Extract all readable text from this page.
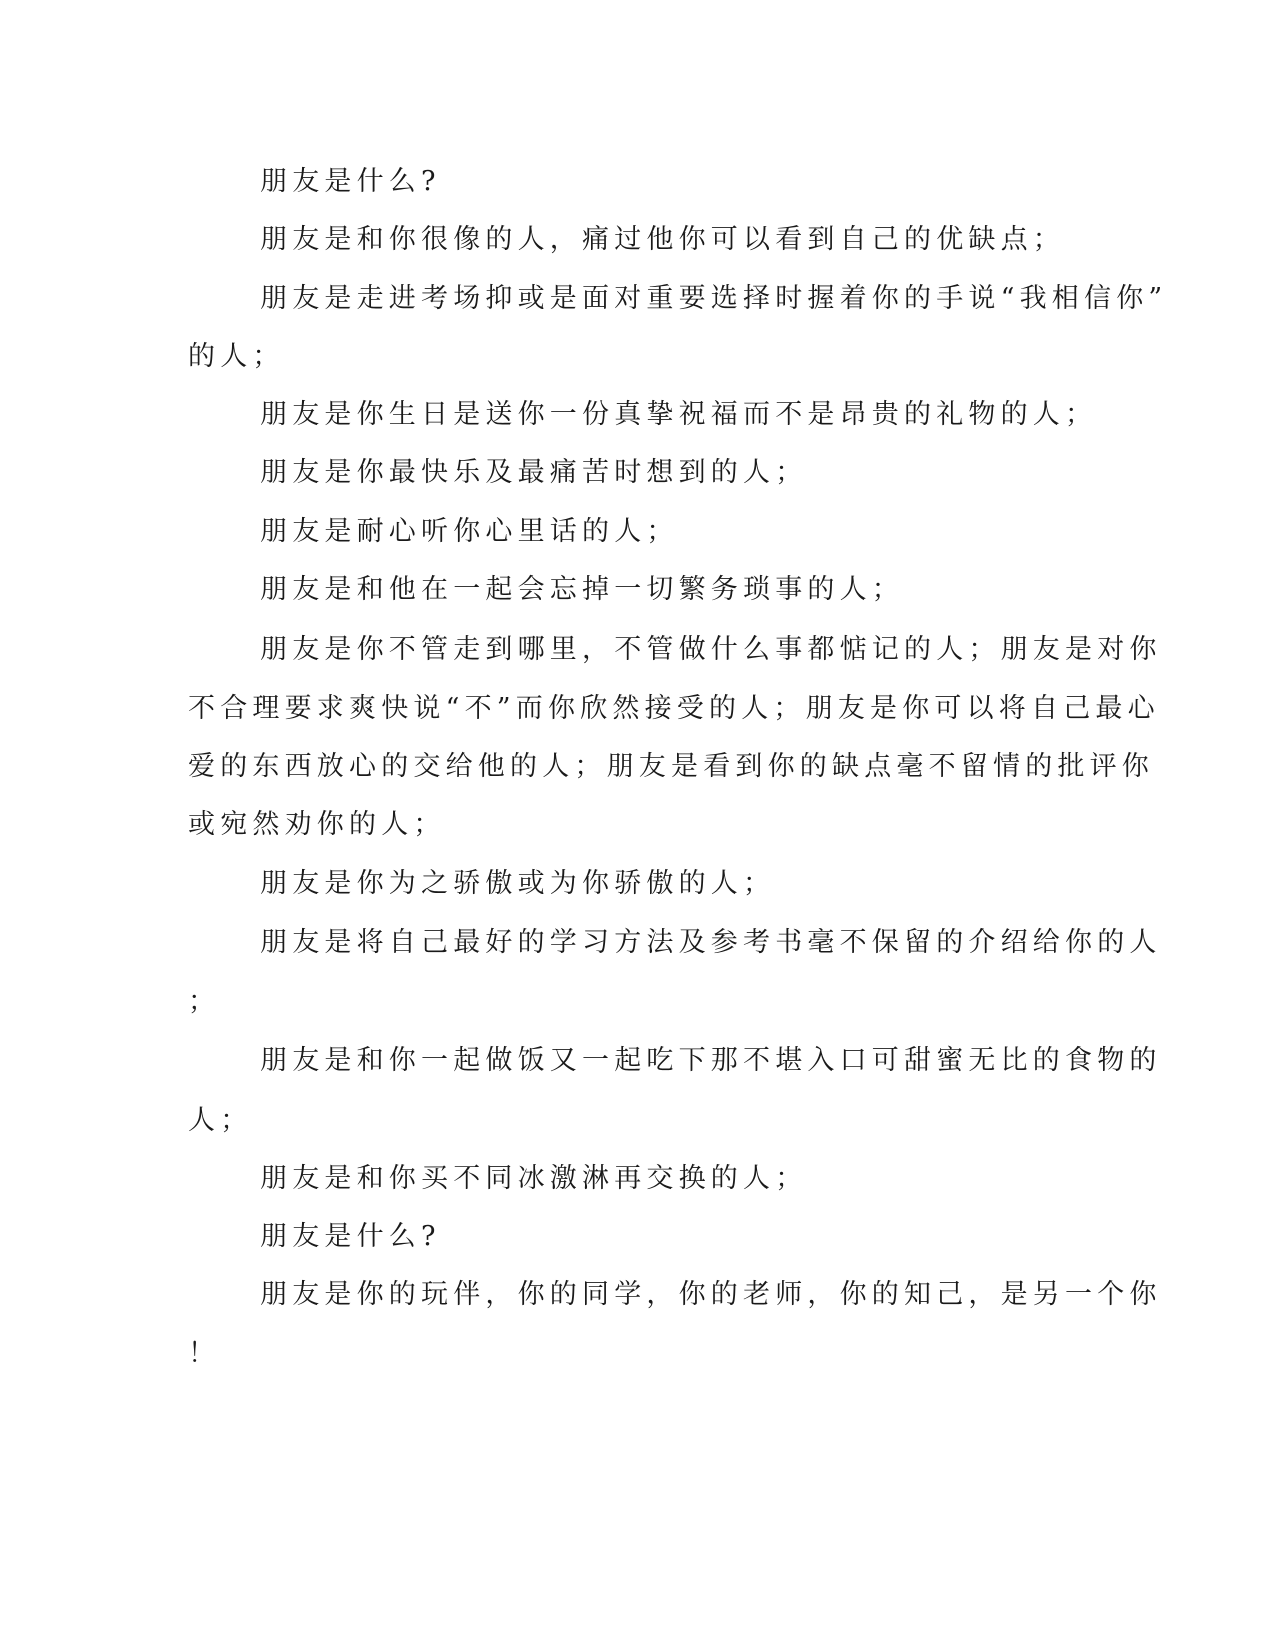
朋友是什么?
朋友是和你很像的人，痛过他你可以看到自己的优缺点；
朋友是走进考场抑或是面对重要选择时握着你的手说“我相信你”
的人；
朋友是你生日是送你一份真挚祝福而不是昂贵的礼物的人；
朋友是你最快乐及最痛苦时想到的人；
朋友是耐心听你心里话的人；
朋友是和他在一起会忘掉一切繁务琐事的人；
朋友是你不管走到哪里，不管做什么事都惦记的人；朋友是对你
不合理要求爽快说“不”而你欣然接受的人；朋友是你可以将自己最心
爱的东西放心的交给他的人；朋友是看到你的缺点毫不留情的批评你
或宛然劝你的人；
朋友是你为之骄傲或为你骄傲的人；
朋友是将自己最好的学习方法及参考书毫不保留的介绍给你的人
；
朋友是和你一起做饭又一起吃下那不堪入口可甜蜜无比的食物的
人；
朋友是和你买不同冰激淋再交换的人；
朋友是什么?
朋友是你的玩伴，你的同学，你的老师，你的知己，是另一个你
！
